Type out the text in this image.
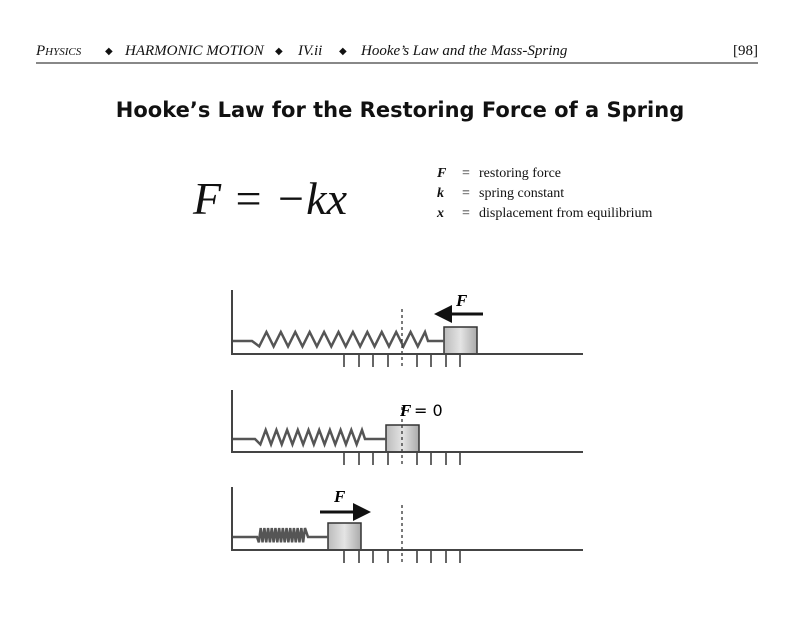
Physics ◆ HARMONIC MOTION ◆ IV.ii ◆ Hooke’s Law and the Mass-Spring	[98]
Hooke’s Law for the Restoring Force of a Spring
F = −kx	F = restoring force
k = spring constant
x = displacement from equilibrium
F
F = 0
F
